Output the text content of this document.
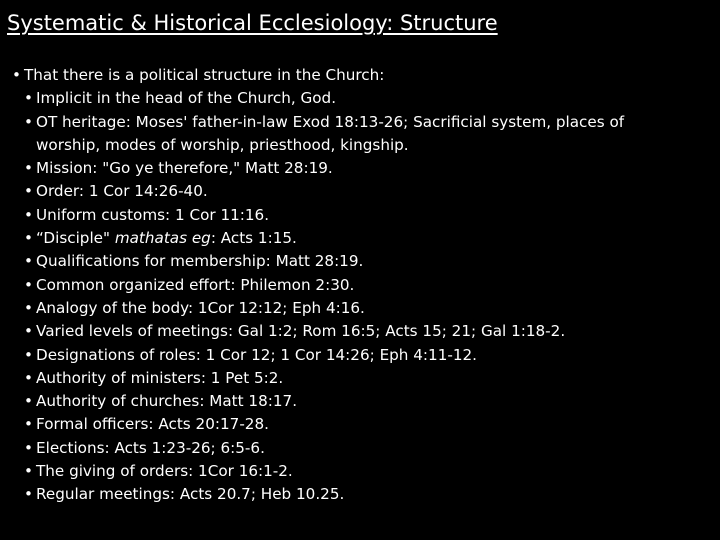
Systematic & Historical Ecclesiology: Structure
• That there is a political structure in the Church:
• Implicit in the head of the Church, God.
• OT heritage: Moses' father-in-law Exod 18:13-26; Sacrificial system, places of worship, modes of worship, priesthood, kingship.
• Mission: "Go ye therefore," Matt 28:19.
• Order: 1 Cor 14:26-40.
• Uniform customs: 1 Cor 11:16.
• “Disciple" mathatas eg: Acts 1:15.
• Qualifications for membership: Matt 28:19.
• Common organized effort: Philemon 2:30.
• Analogy of the body: 1Cor 12:12; Eph 4:16.
• Varied levels of meetings: Gal 1:2; Rom 16:5; Acts 15; 21; Gal 1:18-2.
• Designations of roles: 1 Cor 12; 1 Cor 14:26; Eph 4:11-12.
• Authority of ministers: 1 Pet 5:2.
• Authority of churches: Matt 18:17.
• Formal officers: Acts 20:17-28.
• Elections: Acts 1:23-26; 6:5-6.
• The giving of orders: 1Cor 16:1-2.
• Regular meetings: Acts 20.7; Heb 10.25.
